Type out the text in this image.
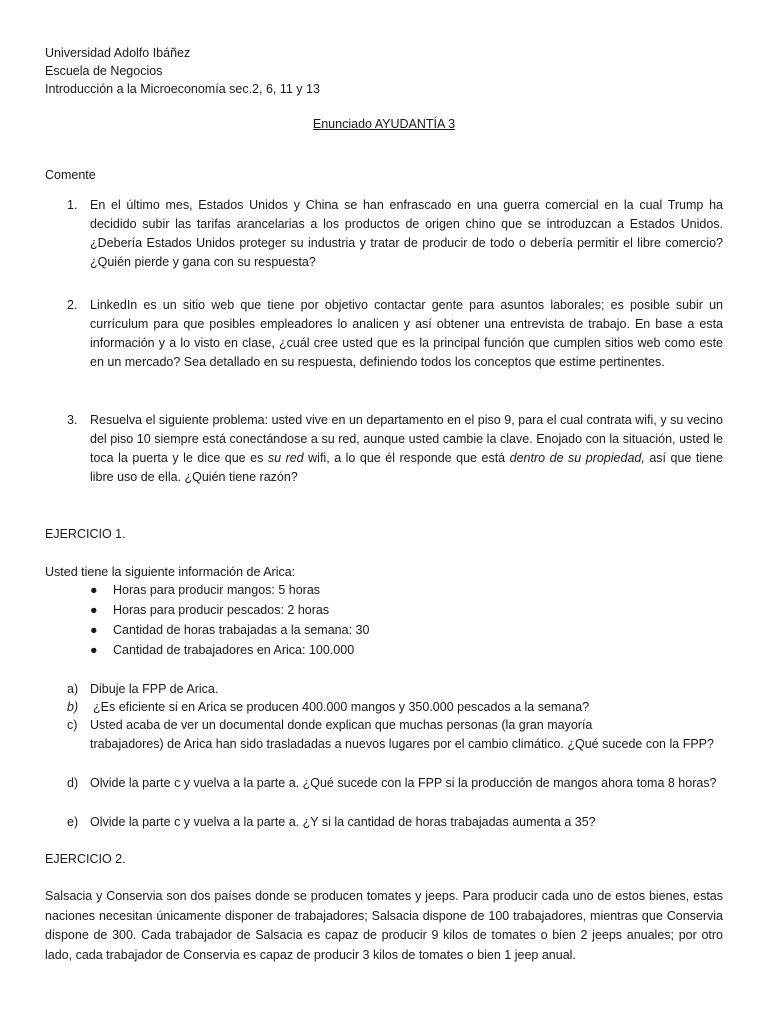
Universidad Adolfo Ibáñez
Escuela de Negocios
Introducción a la Microeconomía sec.2, 6, 11 y 13
Enunciado AYUDANTÍA 3
Comente
1. En el último mes, Estados Unidos y China se han enfrascado en una guerra comercial en la cual Trump ha decidido subir las tarifas arancelarias a los productos de origen chino que se introduzcan a Estados Unidos. ¿Debería Estados Unidos proteger su industria y tratar de producir de todo o debería permitir el libre comercio? ¿Quién pierde y gana con su respuesta?
2. LinkedIn es un sitio web que tiene por objetivo contactar gente para asuntos laborales; es posible subir un currículum para que posibles empleadores lo analicen y así obtener una entrevista de trabajo. En base a esta información y a lo visto en clase, ¿cuál cree usted que es la principal función que cumplen sitios web como este en un mercado? Sea detallado en su respuesta, definiendo todos los conceptos que estime pertinentes.
3. Resuelva el siguiente problema: usted vive en un departamento en el piso 9, para el cual contrata wifi, y su vecino del piso 10 siempre está conectándose a su red, aunque usted cambie la clave. Enojado con la situación, usted le toca la puerta y le dice que es su red wifi, a lo que él responde que está dentro de su propiedad, así que tiene libre uso de ella. ¿Quién tiene razón?
EJERCICIO 1.
Usted tiene la siguiente información de Arica:
● Horas para producir mangos: 5 horas
● Horas para producir pescados: 2 horas
● Cantidad de horas trabajadas a la semana: 30
● Cantidad de trabajadores en Arica: 100.000
a) Dibuje la FPP de Arica.
b) ¿Es eficiente si en Arica se producen 400.000 mangos y 350.000 pescados a la semana?
c) Usted acaba de ver un documental donde explican que muchas personas (la gran mayoría
trabajadores) de Arica han sido trasladadas a nuevos lugares por el cambio climático. ¿Qué sucede con la FPP?
d) Olvide la parte c y vuelva a la parte a. ¿Qué sucede con la FPP si la producción de mangos ahora toma 8 horas?
e) Olvide la parte c y vuelva a la parte a. ¿Y si la cantidad de horas trabajadas aumenta a 35?
EJERCICIO 2.
Salsacia y Conservia son dos países donde se producen tomates y jeeps. Para producir cada uno de estos bienes, estas naciones necesitan únicamente disponer de trabajadores; Salsacia dispone de 100 trabajadores, mientras que Conservia dispone de 300. Cada trabajador de Salsacia es capaz de producir 9 kilos de tomates o bien 2 jeeps anuales; por otro lado, cada trabajador de Conservia es capaz de producir 3 kilos de tomates o bien 1 jeep anual.
